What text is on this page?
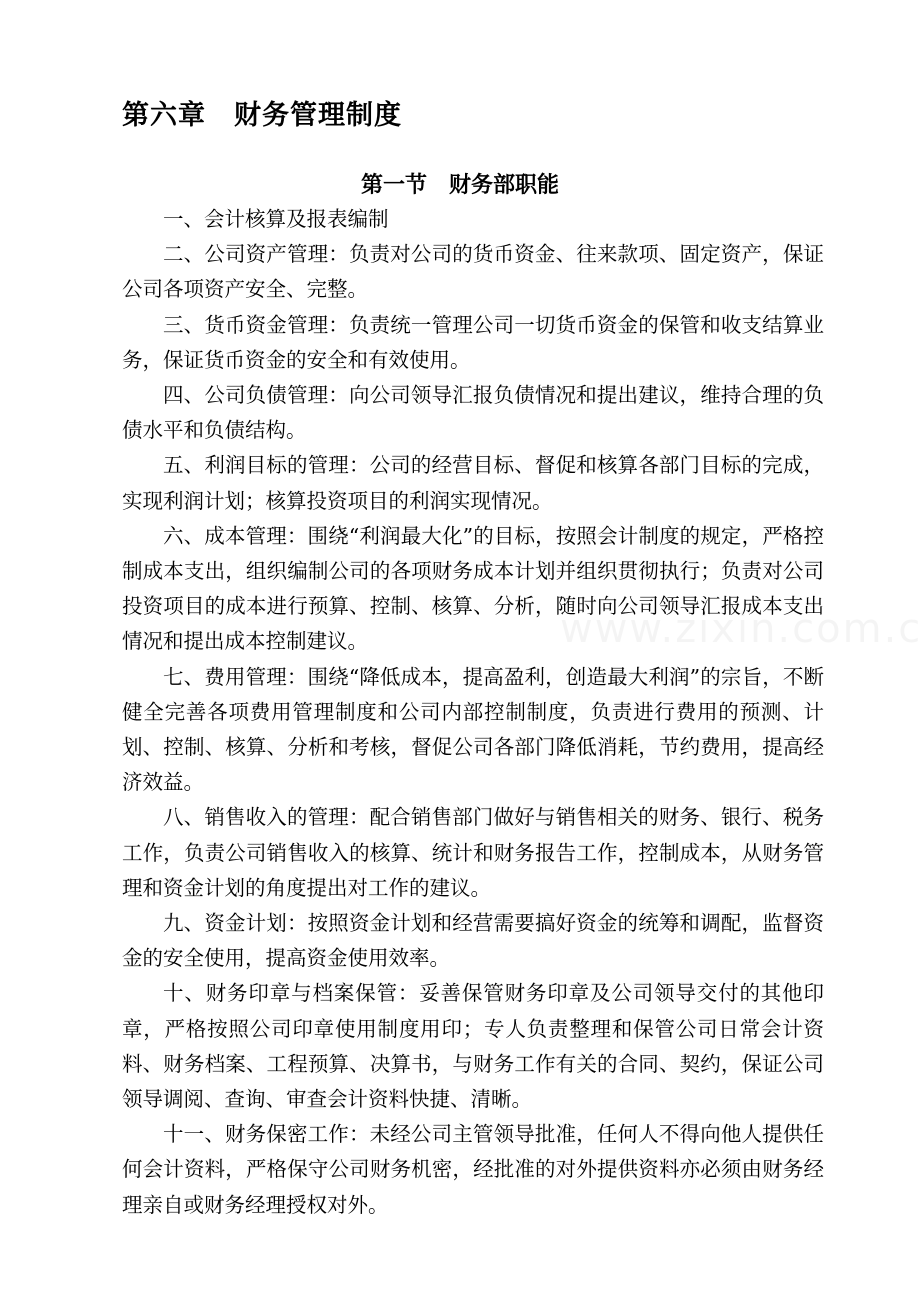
第六章　财务管理制度
第一节　财务部职能

一、会计核算及报表编制

二、公司资产管理：负责对公司的货币资金、往来款项、固定资产，保证公司各项资产安全、完整。

三、货币资金管理：负责统一管理公司一切货币资金的保管和收支结算业务，保证货币资金的安全和有效使用。

四、公司负债管理：向公司领导汇报负债情况和提出建议，维持合理的负债水平和负债结构。

五、利润目标的管理：公司的经营目标、督促和核算各部门目标的完成，实现利润计划；核算投资项目的利润实现情况。

六、成本管理：围绕“利润最大化”的目标，按照会计制度的规定，严格控制成本支出，组织编制公司的各项财务成本计划并组织贯彻执行；负责对公司投资项目的成本进行预算、控制、核算、分析，随时向公司领导汇报成本支出情况和提出成本控制建议。

七、费用管理：围绕“降低成本，提高盈利，创造最大利润”的宗旨，不断健全完善各项费用管理制度和公司内部控制制度，负责进行费用的预测、计划、控制、核算、分析和考核，督促公司各部门降低消耗，节约费用，提高经济效益。

八、销售收入的管理：配合销售部门做好与销售相关的财务、银行、税务工作，负责公司销售收入的核算、统计和财务报告工作，控制成本，从财务管理和资金计划的角度提出对工作的建议。

九、资金计划：按照资金计划和经营需要搞好资金的统筹和调配，监督资金的安全使用，提高资金使用效率。

十、财务印章与档案保管：妥善保管财务印章及公司领导交付的其他印章，严格按照公司印章使用制度用印；专人负责整理和保管公司日常会计资料、财务档案、工程预算、决算书，与财务工作有关的合同、契约，保证公司领导调阅、查询、审查会计资料快捷、清晰。

十一、财务保密工作：未经公司主管领导批准，任何人不得向他人提供任何会计资料，严格保守公司财务机密，经批准的对外提供资料亦必须由财务经理亲自或财务经理授权对外。
